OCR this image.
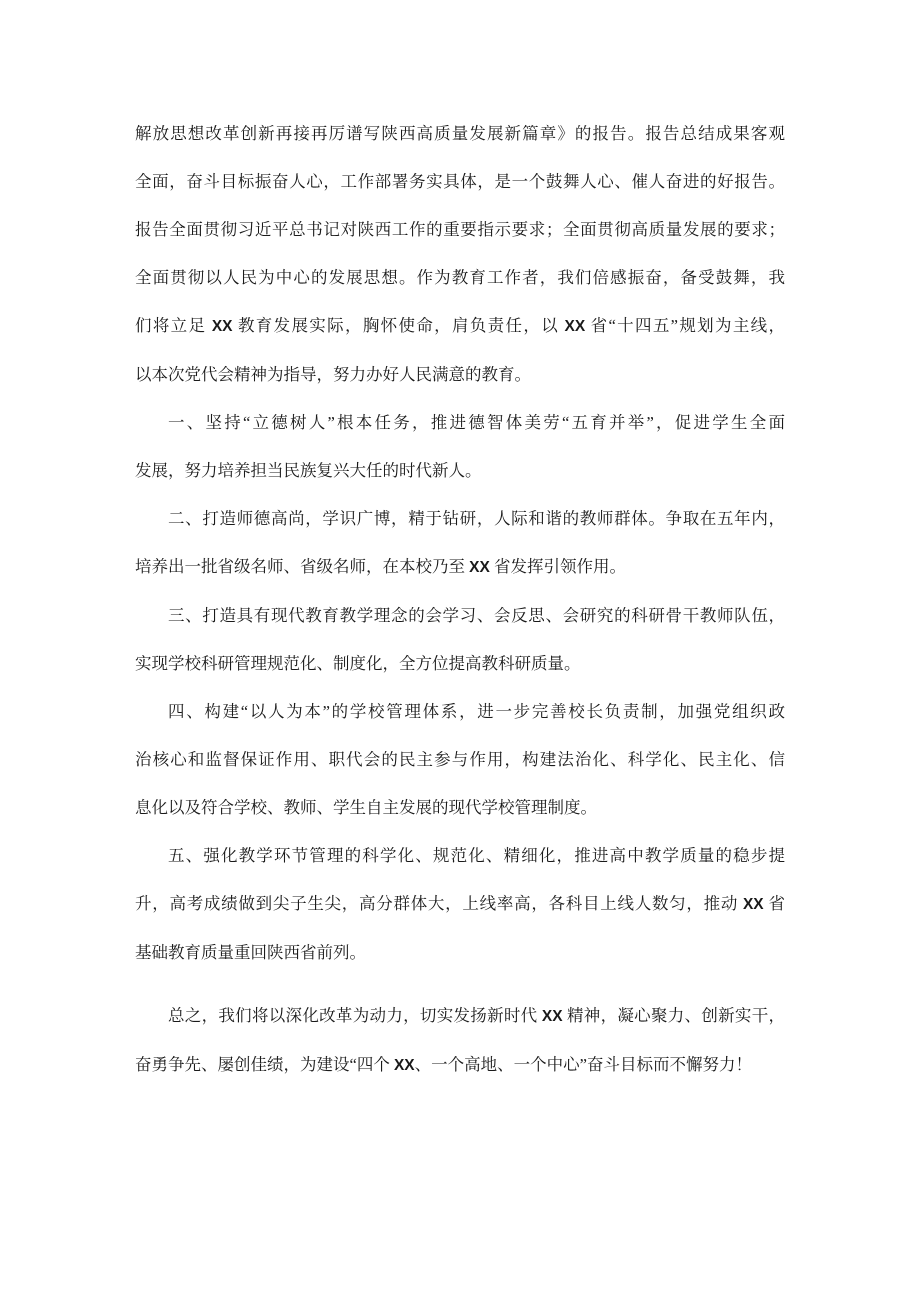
解放思想改革创新再接再厉谱写陕西高质量发展新篇章》的报告。报告总结成果客观
全面，奋斗目标振奋人心，工作部署务实具体，是一个鼓舞人心、催人奋进的好报告。
报告全面贯彻习近平总书记对陕西工作的重要指示要求；全面贯彻高质量发展的要求；
全面贯彻以人民为中心的发展思想。作为教育工作者，我们倍感振奋，备受鼓舞，我
们将立足 XX 教育发展实际，胸怀使命，肩负责任，以 XX 省“十四五”规划为主线，
以本次党代会精神为指导，努力办好人民满意的教育。
一、坚持“立德树人”根本任务，推进德智体美劳“五育并举”，促进学生全面
发展，努力培养担当民族复兴大任的时代新人。
二、打造师德高尚，学识广博，精于钻研，人际和谐的教师群体。争取在五年内，
培养出一批省级名师、省级名师，在本校乃至 XX 省发挥引领作用。
三、打造具有现代教育教学理念的会学习、会反思、会研究的科研骨干教师队伍，
实现学校科研管理规范化、制度化，全方位提高教科研质量。
四、构建“以人为本”的学校管理体系，进一步完善校长负责制，加强党组织政
治核心和监督保证作用、职代会的民主参与作用，构建法治化、科学化、民主化、信
息化以及符合学校、教师、学生自主发展的现代学校管理制度。
五、强化教学环节管理的科学化、规范化、精细化，推进高中教学质量的稳步提
升，高考成绩做到尖子生尖，高分群体大，上线率高，各科目上线人数匀，推动 XX 省
基础教育质量重回陕西省前列。
总之，我们将以深化改革为动力，切实发扬新时代 XX 精神，凝心聚力、创新实干，
奋勇争先、屡创佳绩，为建设“四个 XX、一个高地、一个中心”奋斗目标而不懈努力！
